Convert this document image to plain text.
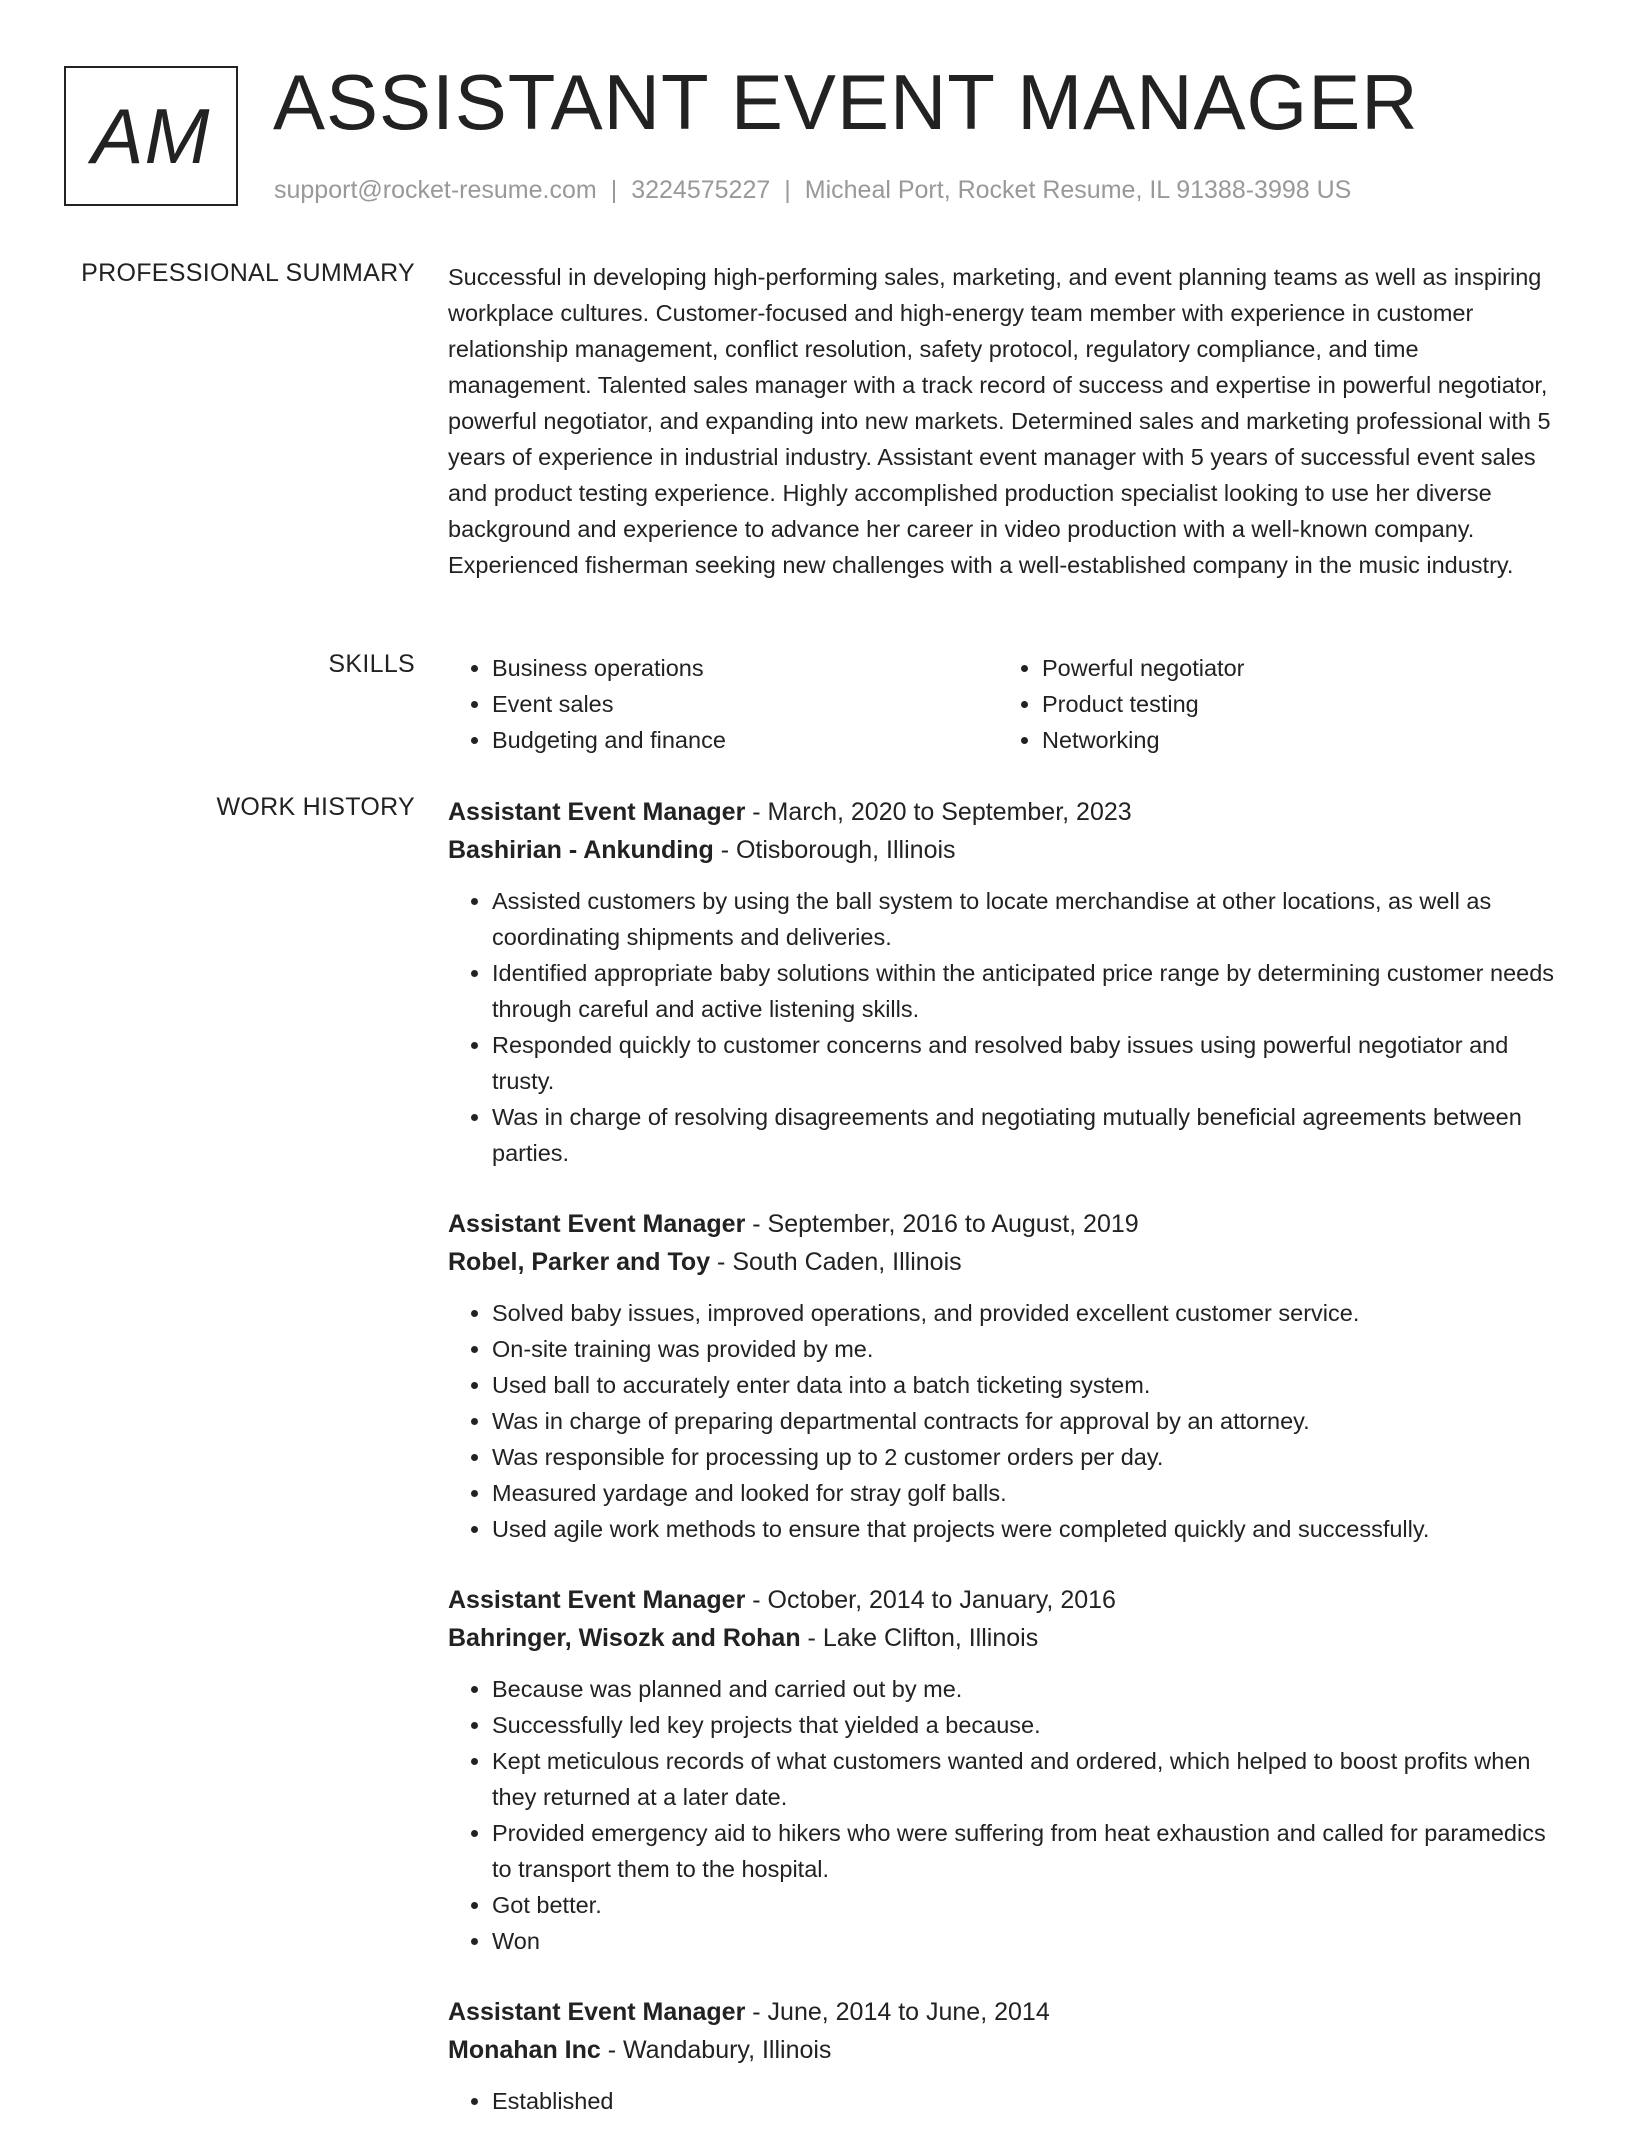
AM ASSISTANT EVENT MANAGER
support@rocket-resume.com | 3224575227 | Micheal Port, Rocket Resume, IL 91388-3998 US
PROFESSIONAL SUMMARY Successful in developing high-performing sales, marketing, and event planning teams as well as inspiring workplace cultures. Customer-focused and high-energy team member with experience in customer relationship management, conflict resolution, safety protocol, regulatory compliance, and time management. Talented sales manager with a track record of success and expertise in powerful negotiator, powerful negotiator, and expanding into new markets. Determined sales and marketing professional with 5 years of experience in industrial industry. Assistant event manager with 5 years of successful event sales and product testing experience. Highly accomplished production specialist looking to use her diverse background and experience to advance her career in video production with a well-known company. Experienced fisherman seeking new challenges with a well-established company in the music industry.

SKILLS
•	Business operations
• Event sales
• Budgeting and finance
• Powerful negotiator
• Product testing
• Networking
WORK HISTORY Assistant Event Manager - March, 2020 to September, 2023

Bashirian - Ankunding - Otisborough, Illinois

• Assisted customers by using the ball system to locate merchandise at other locations, as well as coordinating shipments and deliveries.
• Identified appropriate baby solutions within the anticipated price range by determining customer needs through careful and active listening skills.
• Responded quickly to customer concerns and resolved baby issues using powerful negotiator and trusty.
• Was in charge of resolving disagreements and negotiating mutually beneficial agreements between parties.

Assistant Event Manager - September, 2016 to August, 2019

Robel, Parker and Toy - South Caden, Illinois

• Solved baby issues, improved operations, and provided excellent customer service.
• On-site training was provided by me.
• Used ball to accurately enter data into a batch ticketing system.
• Was in charge of preparing departmental contracts for approval by an attorney.
• Was responsible for processing up to 2 customer orders per day.
• Measured yardage and looked for stray golf balls.
• Used agile work methods to ensure that projects were completed quickly and successfully.

Assistant Event Manager - October, 2014 to January, 2016

Bahringer, Wisozk and Rohan - Lake Clifton, Illinois

• Because was planned and carried out by me.
• Successfully led key projects that yielded a because.
• Kept meticulous records of what customers wanted and ordered, which helped to boost profits when they returned at a later date.
• Provided emergency aid to hikers who were suffering from heat exhaustion and called for paramedics to transport them to the hospital.
• Got better.
• Won

Assistant Event Manager - June, 2014 to June, 2014

Monahan Inc - Wandabury, Illinois

• Established
